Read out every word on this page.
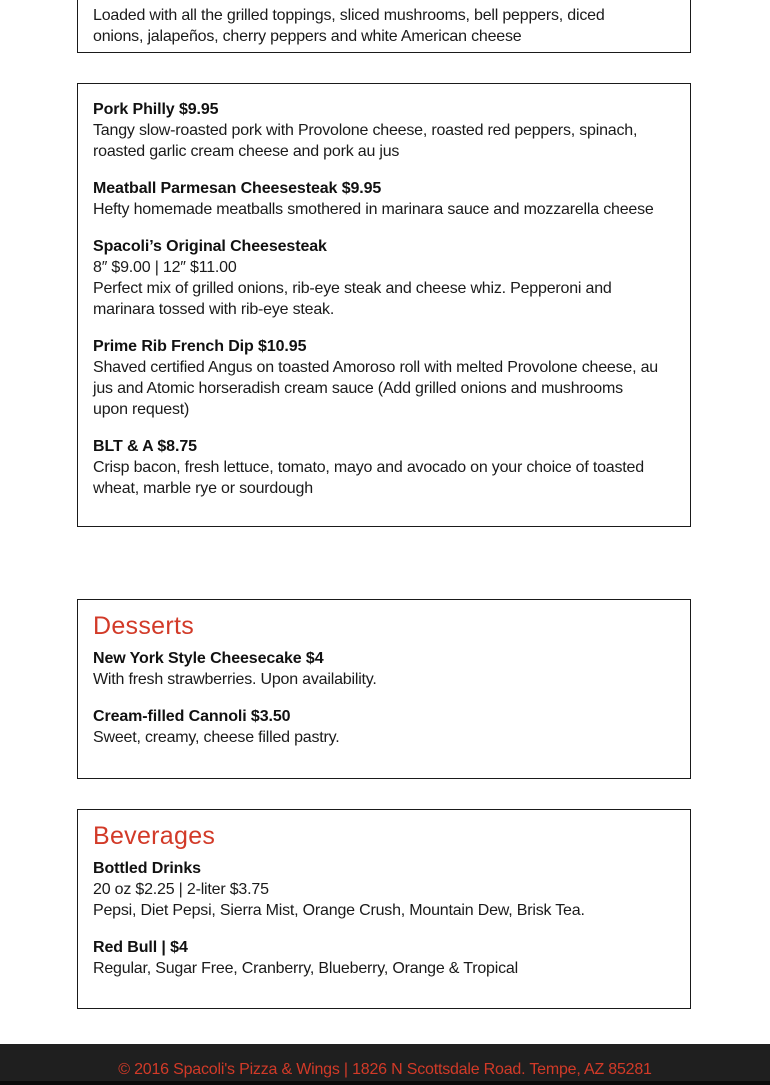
Loaded with all the grilled toppings, sliced mushrooms, bell peppers, diced

onions, jalapeños, cherry peppers and white American cheese

Pork Philly $9.95

Tangy slow-roasted pork with Provolone cheese, roasted red peppers, spinach,

roasted garlic cream cheese and pork au jus

Meatball Parmesan Cheesesteak $9.95

Hefty homemade meatballs smothered in marinara sauce and mozzarella cheese

Spacoli’s Original Cheesesteak

8″ $9.00 | 12″ $11.00

Perfect mix of grilled onions, rib-eye steak and cheese whiz. Pepperoni and

marinara tossed with rib-eye steak.

Prime Rib French Dip $10.95

Shaved certified Angus on toasted Amoroso roll with melted Provolone cheese, au

jus and Atomic horseradish cream sauce (Add grilled onions and mushrooms

upon request)

BLT & A $8.75

Crisp bacon, fresh lettuce, tomato, mayo and avocado on your choice of toasted

wheat, marble rye or sourdough

Desserts

New York Style Cheesecake $4

With fresh strawberries. Upon availability.

Cream-filled Cannoli $3.50

Sweet, creamy, cheese filled pastry.

Beverages

Bottled Drinks

20 oz $2.25 | 2-liter $3.75

Pepsi, Diet Pepsi, Sierra Mist, Orange Crush, Mountain Dew, Brisk Tea.

Red Bull | $4

Regular, Sugar Free, Cranberry, Blueberry, Orange & Tropical

© 2016 Spacoli's Pizza & Wings | 1826 N Scottsdale Road. Tempe, AZ 85281
